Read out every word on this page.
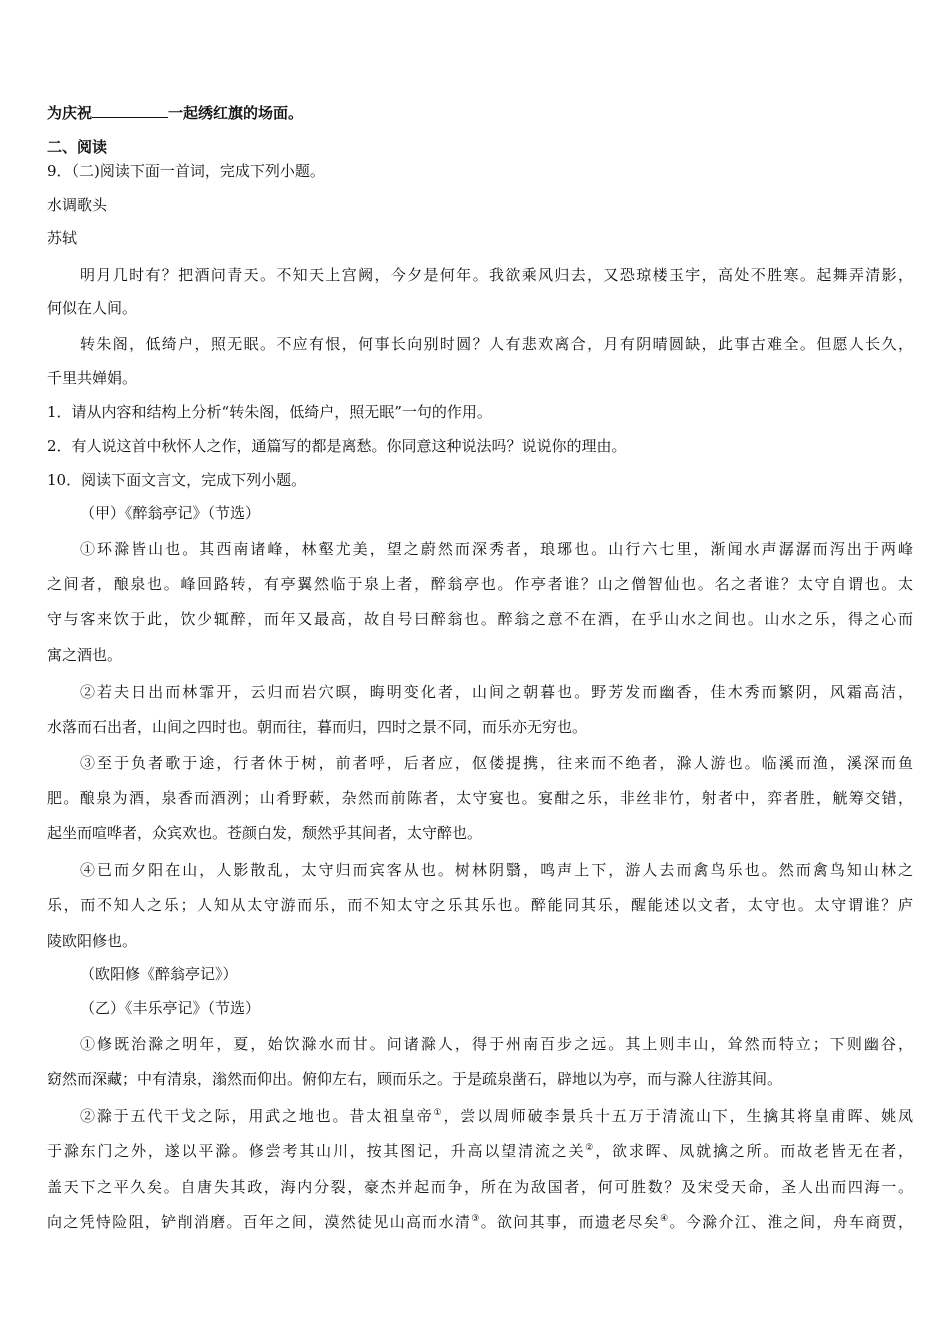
为庆祝	一起绣红旗的场面。
二、阅读
9．（二)阅读下面一首词，完成下列小题。
水调歌头
苏轼
明月几时有？把酒问青天。不知天上宫阙，今夕是何年。我欲乘风归去，又恐琼楼玉宇，高处不胜寒。起舞弄清影，
何似在人间。
转朱阁，低绮户，照无眠。不应有恨，何事长向别时圆？人有悲欢离合，月有阴晴圆缺，此事古难全。但愿人长久，
千里共婵娟。
1．请从内容和结构上分析“转朱阁，低绮户，照无眠”一句的作用。
2．有人说这首中秋怀人之作，通篇写的都是离愁。你同意这种说法吗？说说你的理由。
10．阅读下面文言文，完成下列小题。
（甲）《醉翁亭记》（节选）
①环滁皆山也。其西南诸峰，林壑尤美，望之蔚然而深秀者，琅琊也。山行六七里，渐闻水声潺潺而泻出于两峰
之间者，酿泉也。峰回路转，有亭翼然临于泉上者，醉翁亭也。作亭者谁？山之僧智仙也。名之者谁？太守自谓也。太
守与客来饮于此，饮少辄醉，而年又最高，故自号曰醉翁也。醉翁之意不在酒，在乎山水之间也。山水之乐，得之心而
寓之酒也。
②若夫日出而林霏开，云归而岩穴暝，晦明变化者，山间之朝暮也。野芳发而幽香，佳木秀而繁阴，风霜高洁，
水落而石出者，山间之四时也。朝而往，暮而归，四时之景不同，而乐亦无穷也。
③至于负者歌于途，行者休于树，前者呼，后者应，伛偻提携，往来而不绝者，滁人游也。临溪而渔，溪深而鱼
肥。酿泉为酒，泉香而酒洌；山肴野蔌，杂然而前陈者，太守宴也。宴酣之乐，非丝非竹，射者中，弈者胜，觥筹交错，
起坐而喧哗者，众宾欢也。苍颜白发，颓然乎其间者，太守醉也。
④已而夕阳在山，人影散乱，太守归而宾客从也。树林阴翳，鸣声上下，游人去而禽鸟乐也。然而禽鸟知山林之
乐，而不知人之乐；人知从太守游而乐，而不知太守之乐其乐也。醉能同其乐，醒能述以文者，太守也。太守谓谁？庐
陵欧阳修也。
（欧阳修《醉翁亭记》）
（乙）《丰乐亭记》（节选）
①修既治滁之明年，夏，始饮滁水而甘。问诸滁人，得于州南百步之远。其上则丰山，耸然而特立；下则幽谷，
窈然而深藏；中有清泉，滃然而仰出。俯仰左右，顾而乐之。于是疏泉凿石，辟地以为亭，而与滁人往游其间。
②滁于五代干戈之际，用武之地也。昔太祖皇帝①，尝以周师破李景兵十五万于清流山下，生擒其将皇甫晖、姚凤
于滁东门之外，遂以平滁。修尝考其山川，按其图记，升高以望清流之关②，欲求晖、凤就擒之所。而故老皆无在者，
盖天下之平久矣。自唐失其政，海内分裂，豪杰并起而争，所在为敌国者，何可胜数？及宋受天命，圣人出而四海一。
向之凭恃险阻，铲削消磨。百年之间，漠然徒见山高而水清③。欲问其事，而遗老尽矣④。今滁介江、淮之间，舟车商贾，
